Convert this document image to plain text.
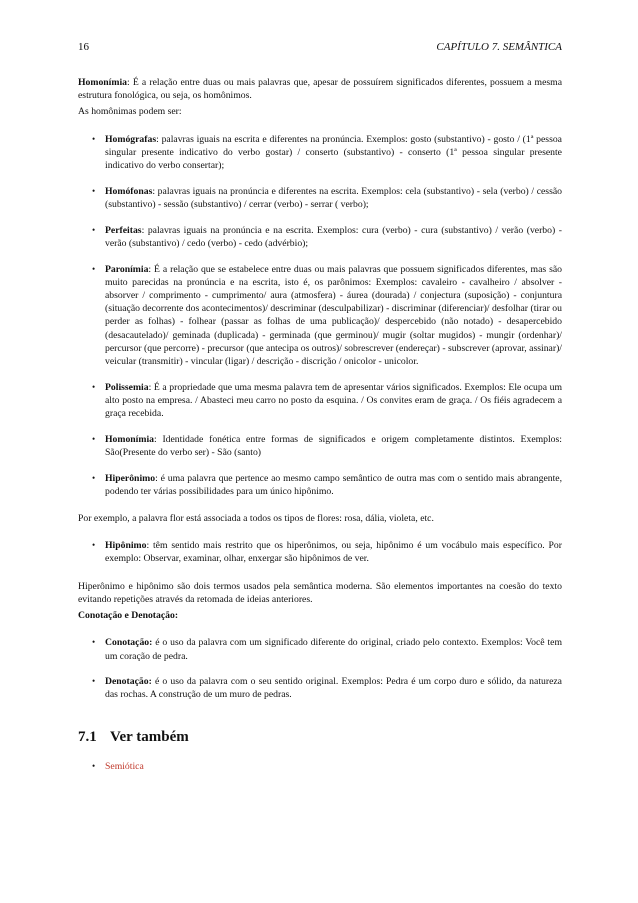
16	CAPÍTULO 7. SEMÂNTICA

Homonímia: É a relação entre duas ou mais palavras que, apesar de possuírem significados diferentes, possuem a mesma estrutura fonológica, ou seja, os homônimos.

As homônimas podem ser:

• Homógrafas: palavras iguais na escrita e diferentes na pronúncia. Exemplos: gosto (substantivo) - gosto / (1ª pessoa singular presente indicativo do verbo gostar) / conserto (substantivo) - conserto (1ª pessoa singular presente indicativo do verbo consertar);
• Homófonas: palavras iguais na pronúncia e diferentes na escrita. Exemplos: cela (substantivo) - sela (verbo) / cessão (substantivo) - sessão (substantivo) / cerrar (verbo) - serrar ( verbo);
• Perfeitas: palavras iguais na pronúncia e na escrita. Exemplos: cura (verbo) - cura (substantivo) / verão (verbo) - verão (substantivo) / cedo (verbo) - cedo (advérbio);
• Paronímia: É a relação que se estabelece entre duas ou mais palavras que possuem significados diferentes, mas são muito parecidas na pronúncia e na escrita, isto é, os parônimos: Exemplos: cavaleiro - cavalheiro / absolver - absorver / comprimento - cumprimento/ aura (atmosfera) - áurea (dourada) / conjectura (suposição) - conjuntura (situação decorrente dos acontecimentos)/ descriminar (desculpabilizar) - discriminar (diferenciar)/ desfolhar (tirar ou perder as folhas) - folhear (passar as folhas de uma publicação)/ despercebido (não notado) - desapercebido (desacautelado)/ geminada (duplicada) - germinada (que germinou)/ mugir (soltar mugidos) - mungir (ordenhar)/ percursor (que percorre) - precursor (que antecipa os outros)/ sobrescrever (endereçar) - subscrever (aprovar, assinar)/ veicular (transmitir) - vincular (ligar) / descrição - discrição / onicolor - unicolor.
• Polissemia: É a propriedade que uma mesma palavra tem de apresentar vários significados. Exemplos: Ele ocupa um alto posto na empresa. / Abasteci meu carro no posto da esquina. / Os convites eram de graça. / Os fiéis agradecem a graça recebida.
• Homonímia: Identidade fonética entre formas de significados e origem completamente distintos. Exemplos: São(Presente do verbo ser) - São (santo)
• Hiperônimo: é uma palavra que pertence ao mesmo campo semântico de outra mas com o sentido mais abrangente, podendo ter várias possibilidades para um único hipônimo.

Por exemplo, a palavra flor está associada a todos os tipos de flores: rosa, dália, violeta, etc.

• Hipônimo: têm sentido mais restrito que os hiperônimos, ou seja, hipônimo é um vocábulo mais específico. Por exemplo: Observar, examinar, olhar, enxergar são hipônimos de ver.

Hiperônimo e hipônimo são dois termos usados pela semântica moderna. São elementos importantes na coesão do texto evitando repetições através da retomada de ideias anteriores.

Conotação e Denotação:

• Conotação: é o uso da palavra com um significado diferente do original, criado pelo contexto. Exemplos: Você tem um coração de pedra.
• Denotação: é o uso da palavra com o seu sentido original. Exemplos: Pedra é um corpo duro e sólido, da natureza das rochas. A construção de um muro de pedras.
7.1 Ver também
• Semiótica
